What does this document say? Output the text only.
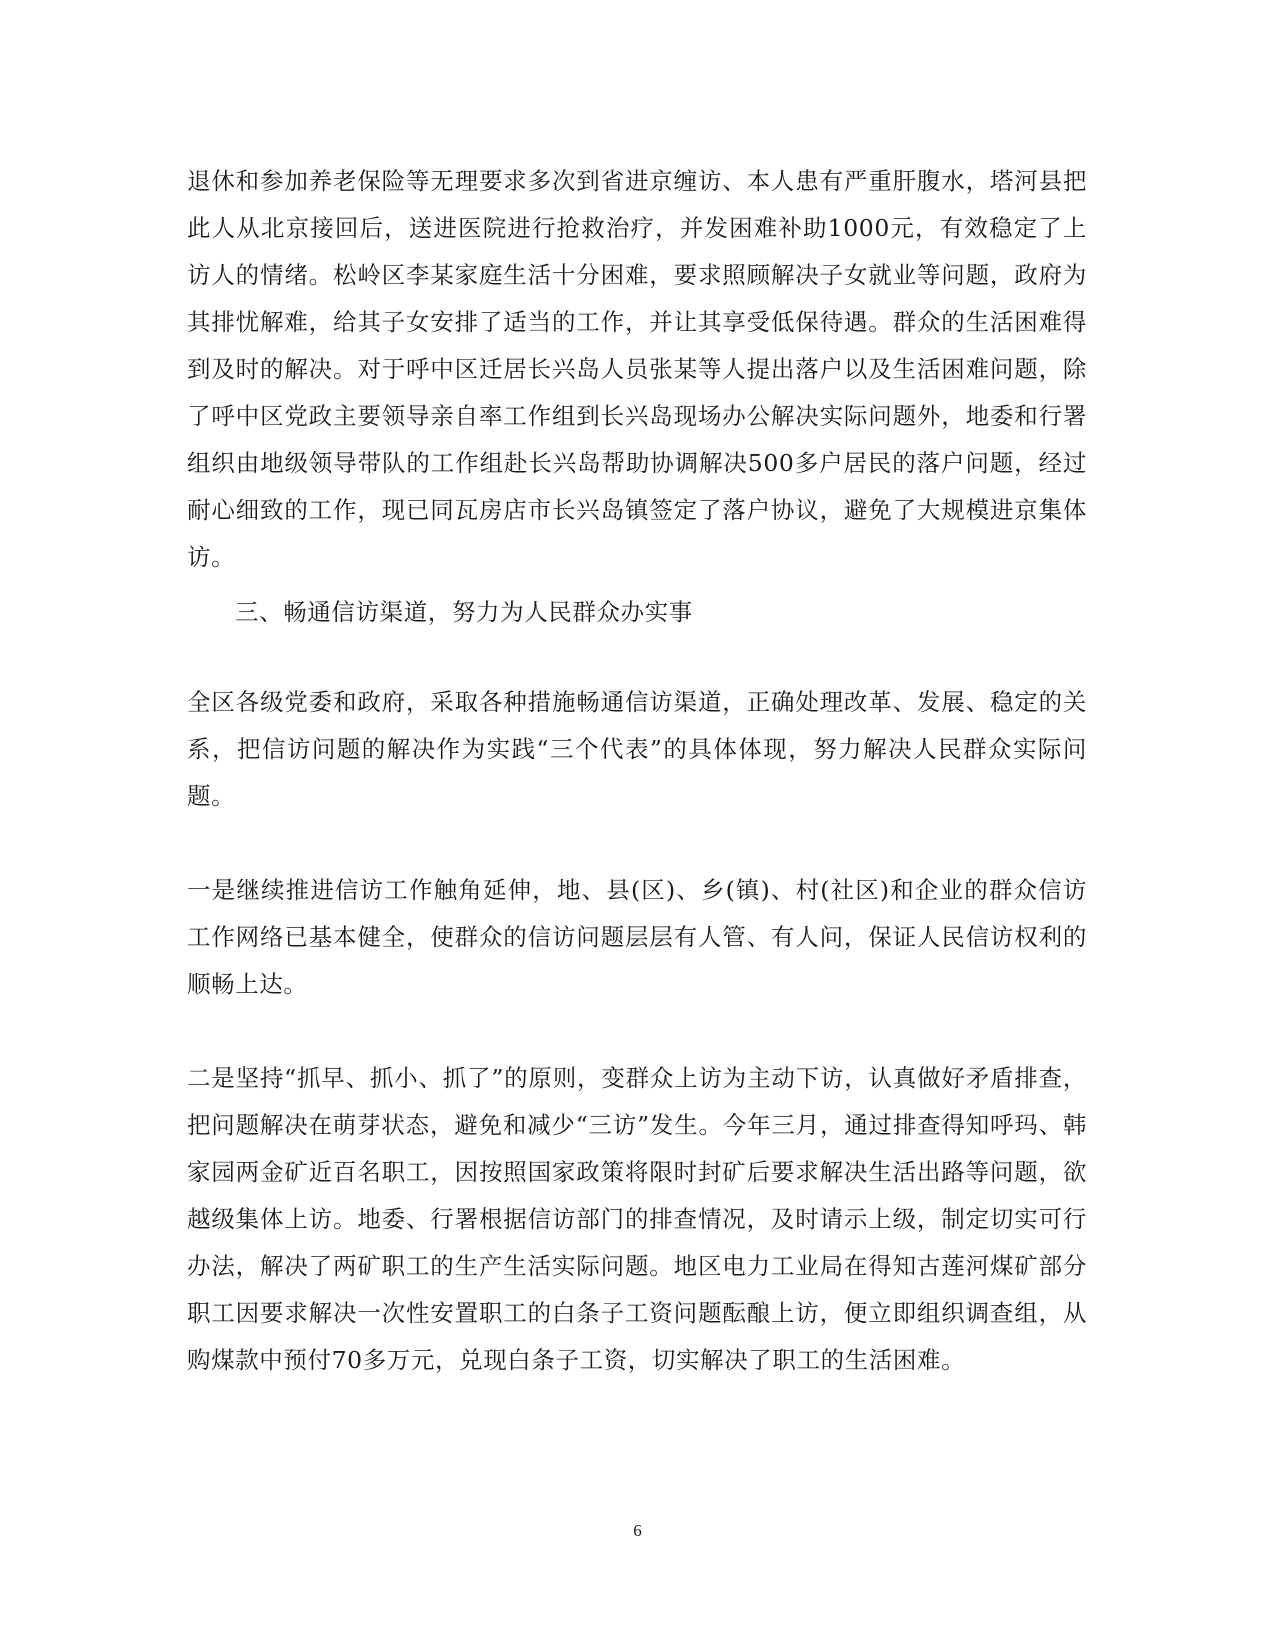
退休和参加养老保险等无理要求多次到省进京缠访、本人患有严重肝腹水，塔河县把此人从北京接回后，送进医院进行抢救治疗，并发困难补助1000元，有效稳定了上访人的情绪。松岭区李某家庭生活十分困难，要求照顾解决子女就业等问题，政府为其排忧解难，给其子女安排了适当的工作，并让其享受低保待遇。群众的生活困难得到及时的解决。对于呼中区迁居长兴岛人员张某等人提出落户以及生活困难问题，除了呼中区党政主要领导亲自率工作组到长兴岛现场办公解决实际问题外，地委和行署组织由地级领导带队的工作组赴长兴岛帮助协调解决500多户居民的落户问题，经过耐心细致的工作，现已同瓦房店市长兴岛镇签定了落户协议，避免了大规模进京集体访。

三、畅通信访渠道，努力为人民群众办实事

全区各级党委和政府，采取各种措施畅通信访渠道，正确处理改革、发展、稳定的关系，把信访问题的解决作为实践“三个代表”的具体体现，努力解决人民群众实际问题。

一是继续推进信访工作触角延伸，地、县(区)、乡(镇)、村(社区)和企业的群众信访工作网络已基本健全，使群众的信访问题层层有人管、有人问，保证人民信访权利的顺畅上达。

二是坚持“抓早、抓小、抓了”的原则，变群众上访为主动下访，认真做好矛盾排查，把问题解决在萌芽状态，避免和减少“三访”发生。今年三月，通过排查得知呼玛、韩家园两金矿近百名职工，因按照国家政策将限时封矿后要求解决生活出路等问题，欲越级集体上访。地委、行署根据信访部门的排查情况，及时请示上级，制定切实可行办法，解决了两矿职工的生产生活实际问题。地区电力工业局在得知古莲河煤矿部分职工因要求解决一次性安置职工的白条子工资问题酝酿上访，便立即组织调查组，从购煤款中预付70多万元，兑现白条子工资，切实解决了职工的生活困难。

6
